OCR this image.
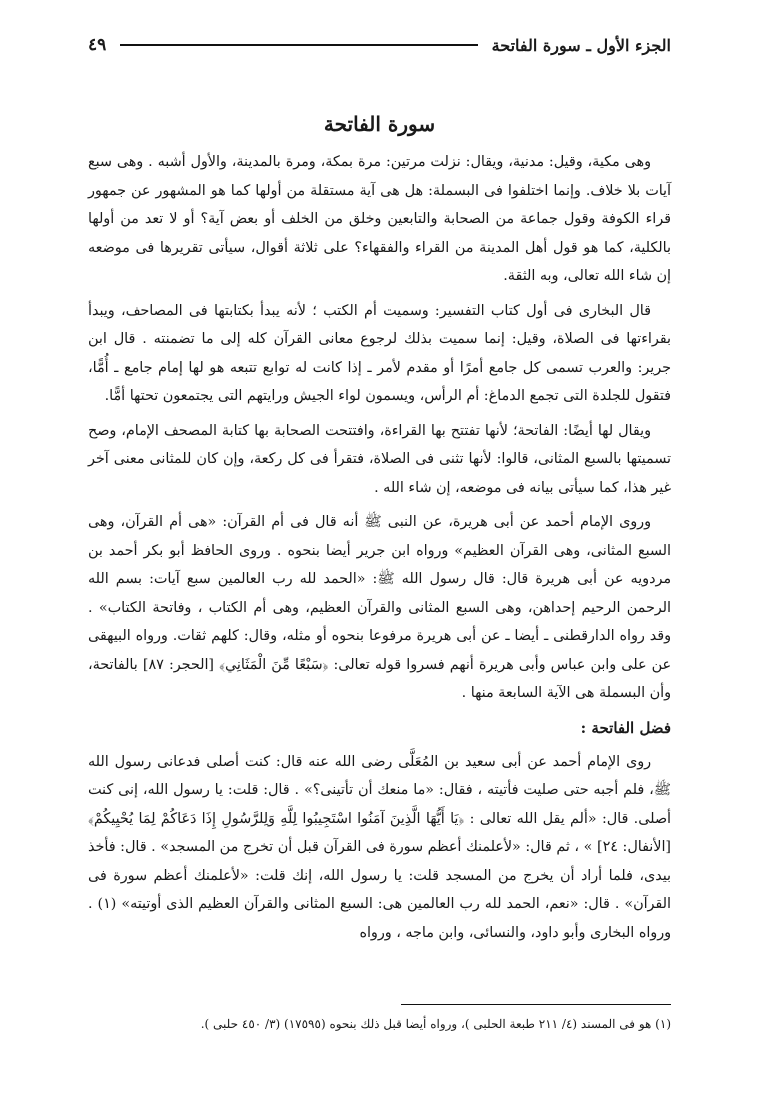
الجزء الأول ـ سورة الفاتحة
٤٩
سورة الفاتحة

وهى مكية، وقيل: مدنية، ويقال: نزلت مرتين: مرة بمكة، ومرة بالمدينة، والأول أشبه . وهى سبع آيات بلا خلاف. وإنما اختلفوا فى البسملة: هل هى آية مستقلة من أولها كما هو المشهور عن جمهور قراء الكوفة وقول جماعة من الصحابة والتابعين وخلق من الخلف أو بعض آية؟ أو لا تعد من أولها بالكلية، كما هو قول أهل المدينة من القراء والفقهاء؟ على ثلاثة أقوال، سيأتى تقريرها فى موضعه إن شاء الله تعالى، وبه الثقة.

قال البخارى فى أول كتاب التفسير: وسميت أم الكتب ؛ لأنه يبدأ بكتابتها فى المصاحف، ويبدأ بقراءتها فى الصلاة، وقيل: إنما سميت بذلك لرجوع معانى القرآن كله إلى ما تضمنته . قال ابن جرير: والعرب تسمى كل جامع أمرًا أو مقدم لأمر ـ إذا كانت له توابع تتبعه هو لها إمام جامع ـ أُمًّا، فتقول للجلدة التى تجمع الدماغ: أم الرأس، ويسمون لواء الجيش ورايتهم التى يجتمعون تحتها أمًّا.

ويقال لها أيضًا: الفاتحة؛ لأنها تفتتح بها القراءة، وافتتحت الصحابة بها كتابة المصحف الإمام، وصح تسميتها بالسبع المثانى، قالوا: لأنها تثنى فى الصلاة، فتقرأ فى كل ركعة، وإن كان للمثانى معنى آخر غير هذا، كما سيأتى بيانه فى موضعه، إن شاء الله .

وروى الإمام أحمد عن أبى هريرة، عن النبى ﷺ أنه قال فى أم القرآن: «هى أم القرآن، وهى السبع المثانى، وهى القرآن العظيم» ورواه ابن جرير أيضا بنحوه . وروى الحافظ أبو بكر أحمد بن مردويه عن أبى هريرة قال: قال رسول الله ﷺ: «الحمد لله رب العالمين سبع آيات: بسم الله الرحمن الرحيم إحداهن، وهى السبع المثانى والقرآن العظيم، وهى أم الكتاب ، وفاتحة الكتاب» . وقد رواه الدارقطنى ـ أيضا ـ عن أبى هريرة مرفوعا بنحوه أو مثله، وقال: كلهم ثقات. ورواه البيهقى عن على وابن عباس وأبى هريرة أنهم فسروا قوله تعالى: ﴿سَبْعًا مِّنَ الْمَثَانِي﴾ [الحجر: ٨٧] بالفاتحة، وأن البسملة هى الآية السابعة منها .

فضل الفاتحة :

روى الإمام أحمد عن أبى سعيد بن المُعَلَّى رضى الله عنه قال: كنت أصلى فدعانى رسول الله ﷺ، فلم أجبه حتى صليت فأتيته ، فقال: «ما منعك أن تأتينى؟» . قال: قلت: يا رسول الله، إنى كنت أصلى. قال: «ألم يقل الله تعالى : ﴿يَا أَيُّهَا الَّذِينَ آمَنُوا اسْتَجِيبُوا لِلَّهِ وَلِلرَّسُولِ إِذَا دَعَاكُمْ لِمَا يُحْيِيكُمْ﴾ [الأنفال: ٢٤] » ، ثم قال: «لأعلمنك أعظم سورة فى القرآن قبل أن تخرج من المسجد» . قال: فأخذ بيدى، فلما أراد أن يخرج من المسجد قلت: يا رسول الله، إنك قلت: «لأعلمنك أعظم سورة فى القرآن» . قال: «نعم، الحمد لله رب العالمين هى: السبع المثانى والقرآن العظيم الذى أوتيته» (١) . ورواه البخارى وأبو داود، والنسائى، وابن ماجه ، ورواه

(١) هو فى المسند (٤/ ٢١١ طبعة الحلبى )، ورواه أيضا قبل ذلك بنحوه (١٧٥٩٥) (٣/ ٤٥٠ حلبى ).
